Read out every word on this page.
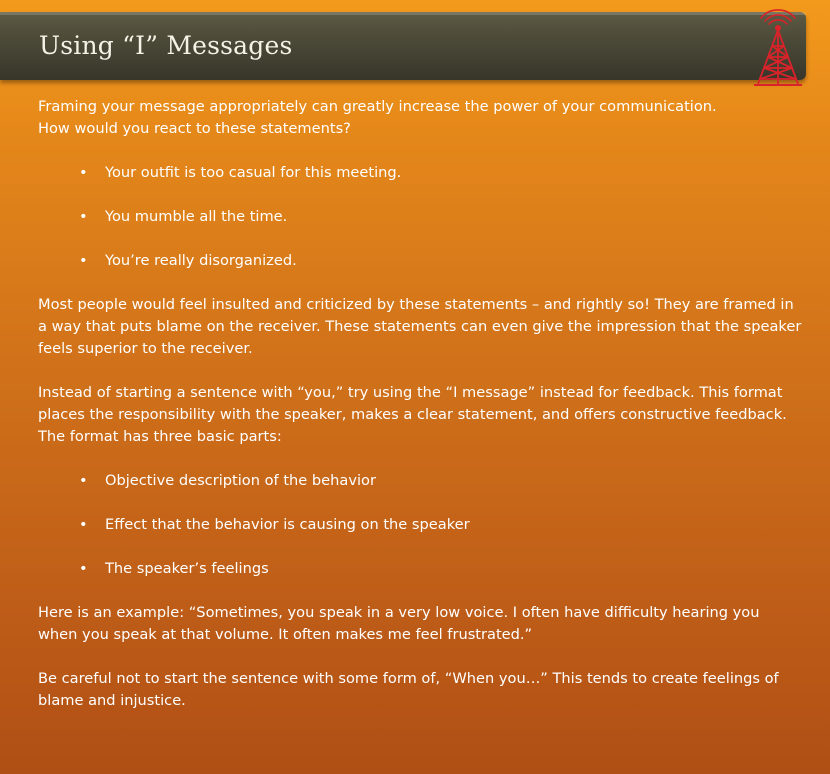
Using “I” Messages

Framing your message appropriately can greatly increase the power of your communication.
How would you react to these statements?

• Your outfit is too casual for this meeting.
• You mumble all the time.
• You’re really disorganized.

Most people would feel insulted and criticized by these statements – and rightly so! They are framed in a way that puts blame on the receiver. These statements can even give the impression that the speaker feels superior to the receiver.

Instead of starting a sentence with “you,” try using the “I message” instead for feedback. This format places the responsibility with the speaker, makes a clear statement, and offers constructive feedback. The format has three basic parts:

• Objective description of the behavior
• Effect that the behavior is causing on the speaker
• The speaker’s feelings

Here is an example: “Sometimes, you speak in a very low voice. I often have difficulty hearing you when you speak at that volume. It often makes me feel frustrated.”

Be careful not to start the sentence with some form of, “When you…” This tends to create feelings of blame and injustice.
